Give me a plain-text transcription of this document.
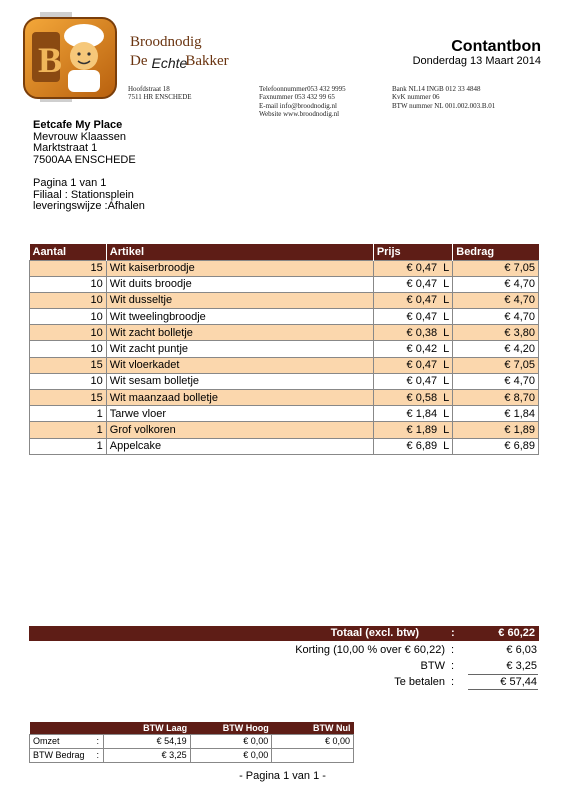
B	Broodnodig
De EchteBakker
Hoofdstraat 18
7511 HR ENSCHEDE
Telefoonnummer053 432 9995
Faxnummer 053 432 99 65
E-mail info@broodnodig.nl
Website www.broodnodig.nl
Bank NL14 INGB 012 33 4848
KvK nummer 06
BTW nummer NL 001.002.003.B.01
Contantbon
Donderdag 13 Maart 2014
Eetcafe My Place
Mevrouw Klaassen
Marktstraat 1
7500AA ENSCHEDE
Pagina 1 van 1
Filiaal : Stationsplein
leveringswijze :Afhalen
Aantal	Artikel	Prijs		Bedrag
15	Wit kaiserbroodje	€ 0,47	L	€ 7,05
10	Wit duits broodje	€ 0,47	L	€ 4,70
10	Wit dusseltje	€ 0,47	L	€ 4,70
10	Wit tweelingbroodje	€ 0,47	L	€ 4,70
10	Wit zacht bolletje	€ 0,38	L	€ 3,80
10	Wit zacht puntje	€ 0,42	L	€ 4,20
15	Wit vloerkadet	€ 0,47	L	€ 7,05
10	Wit sesam bolletje	€ 0,47	L	€ 4,70
15	Wit maanzaad bolletje	€ 0,58	L	€ 8,70
1	Tarwe vloer	€ 1,84	L	€ 1,84
1	Grof volkoren	€ 1,89	L	€ 1,89
1	Appelcake	€ 6,89	L	€ 6,89
Totaal (excl. btw)	:	€ 60,22
Korting (10,00 % over € 60,22) :	€ 6,03
BTW :	€ 3,25
Te betalen :	€ 57,44
		BTW Laag	BTW Hoog	BTW Nul
Omzet	:	€ 54,19	€ 0,00	€ 0,00
BTW Bedrag	:	€ 3,25	€ 0,00	
- Pagina 1 van 1 -
